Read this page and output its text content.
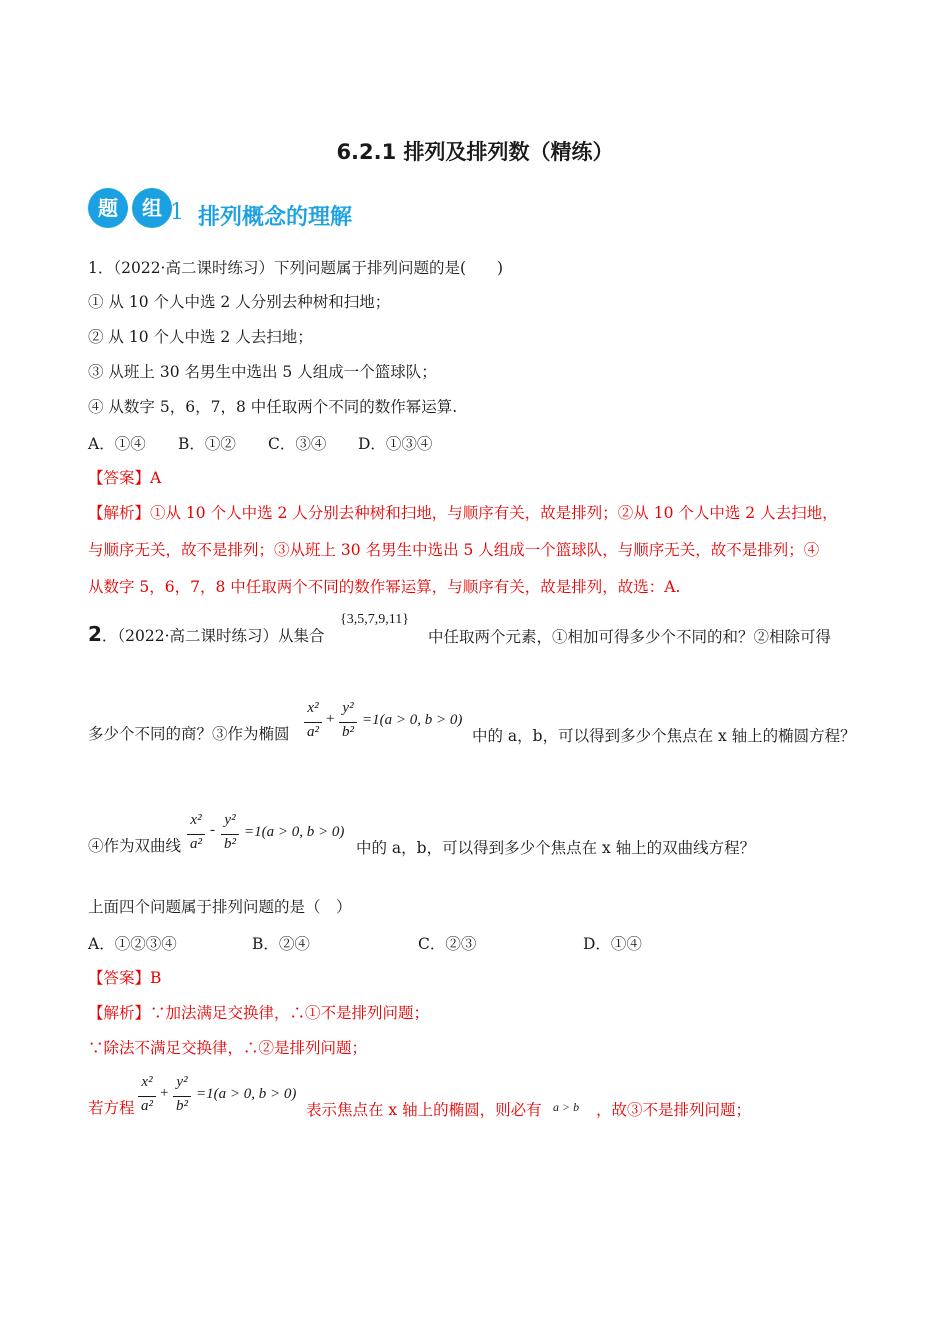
6.2.1 排列及排列数（精练）
题	组 1 排列概念的理解
1．（2022·高二课时练习）下列问题属于排列问题的是(　　)
① 从 10 个人中选 2 人分别去种树和扫地；
② 从 10 个人中选 2 人去扫地；
③ 从班上 30 名男生中选出 5 人组成一个篮球队；
④ 从数字 5，6，7，8 中任取两个不同的数作幂运算.
A．①④ B．①② C．③④ D．①③④
【答案】A
【解析】①从 10 个人中选 2 人分别去种树和扫地，与顺序有关，故是排列；②从 10 个人中选 2 人去扫地，
与顺序无关，故不是排列；③从班上 30 名男生中选出 5 人组成一个篮球队，与顺序无关，故不是排列；④
从数字 5，6，7，8 中任取两个不同的数作幂运算，与顺序有关，故是排列，故选：A.
2．（2022·高二课时练习）从集合
{3,5,7,9,11}
中任取两个元素，①相加可得多少个不同的和？②相除可得
多少个不同的商？③作为椭圆
x²
a²
+
y²
b²
=1(a > 0, b > 0)
中的 a，b，可以得到多少个焦点在 x 轴上的椭圆方程？
④作为双曲线
x²
a²
-
y²
b²
=1(a > 0, b > 0)
中的 a，b，可以得到多少个焦点在 x 轴上的双曲线方程？
上面四个问题属于排列问题的是（　）
A．①②③④	B．②④	C．②③	D．①④
【答案】B
【解析】∵加法满足交换律，∴①不是排列问题；
∵除法不满足交换律，∴②是排列问题；
若方程
x²
a²
+
y²
b²
=1(a > 0, b > 0)
表示焦点在 x 轴上的椭圆，则必有 a > b ，故③不是排列问题；
